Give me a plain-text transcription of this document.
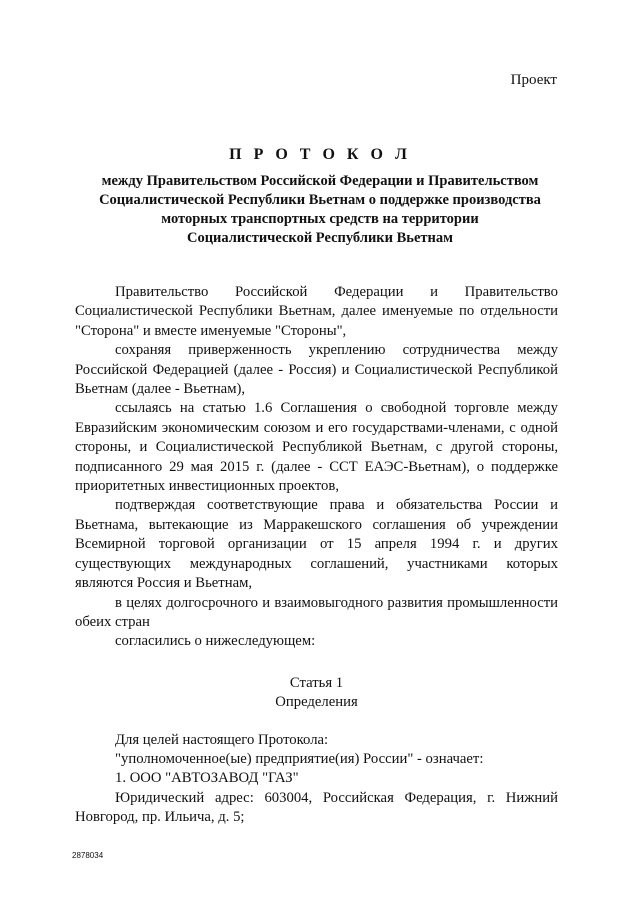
Проект
П Р О Т О К О Л
между Правительством Российской Федерации и Правительством
Социалистической Республики Вьетнам о поддержке производства
моторных транспортных средств на территории
Социалистической Республики Вьетнам

Правительство Российской Федерации и Правительство Социалистической Республики Вьетнам, далее именуемые по отдельности "Сторона" и вместе именуемые "Стороны",

сохраняя приверженность укреплению сотрудничества между Российской Федерацией (далее - Россия) и Социалистической Республикой Вьетнам (далее - Вьетнам),

ссылаясь на статью 1.6 Соглашения о свободной торговле между Евразийским экономическим союзом и его государствами-членами, с одной стороны, и Социалистической Республикой Вьетнам, с другой стороны, подписанного 29 мая 2015 г. (далее - ССТ ЕАЭС-Вьетнам), о поддержке приоритетных инвестиционных проектов,

подтверждая соответствующие права и обязательства России и Вьетнама, вытекающие из Марракешского соглашения об учреждении Всемирной торговой организации от 15 апреля 1994 г. и других существующих международных соглашений, участниками которых являются Россия и Вьетнам,

в целях долгосрочного и взаимовыгодного развития промышленности обеих стран

согласились о нижеследующем:

Статья 1
Определения

Для целей настоящего Протокола:

"уполномоченное(ые) предприятие(ия) России" - означает:

1. ООО "АВТОЗАВОД "ГАЗ"

Юридический адрес: 603004, Российская Федерация, г. Нижний Новгород, пр. Ильича, д. 5;

2878034
